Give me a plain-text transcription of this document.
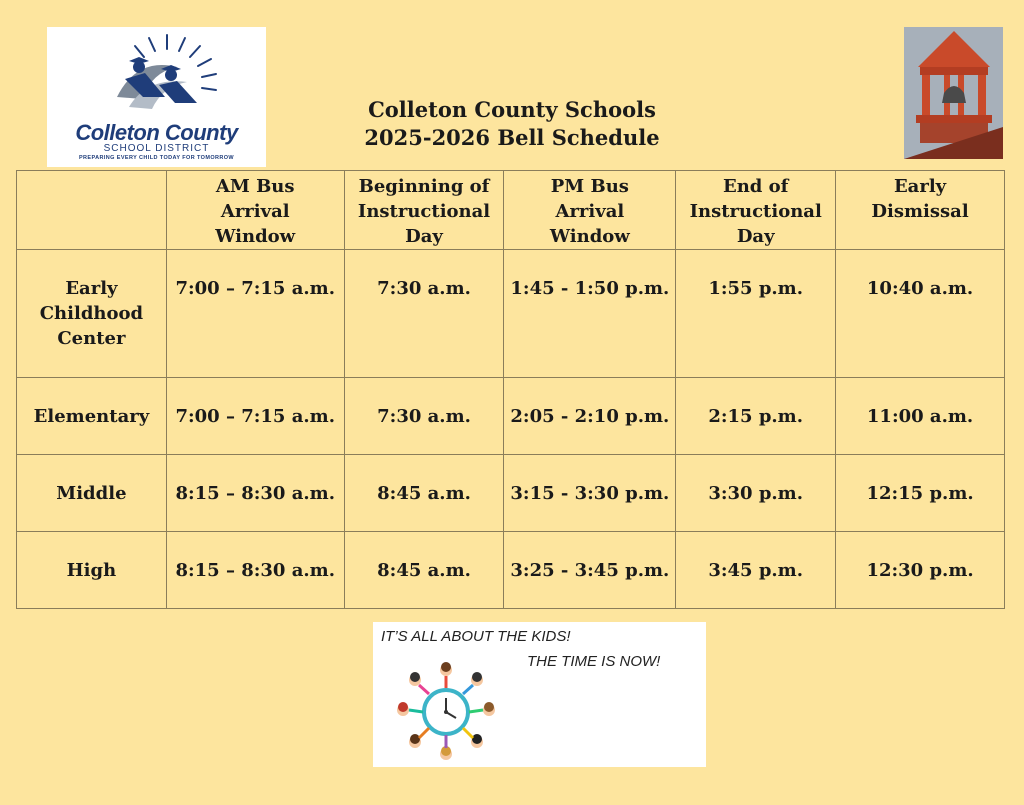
Colleton County
SCHOOL DISTRICT
PREPARING EVERY CHILD TODAY FOR TOMORROW
Colleton County Schools
2025-2026 Bell Schedule
	AM Bus Arrival Window	Beginning of Instructional Day	PM Bus Arrival Window	End of Instructional Day	Early Dismissal
Early Childhood Center	7:00 – 7:15 a.m.	7:30 a.m.	1:45 - 1:50 p.m.	1:55 p.m.	10:40 a.m.
Elementary	7:00 – 7:15 a.m.	7:30 a.m.	2:05 - 2:10 p.m.	2:15 p.m.	11:00 a.m.
Middle	8:15 – 8:30 a.m.	8:45 a.m.	3:15 - 3:30 p.m.	3:30 p.m.	12:15 p.m.
High	8:15 – 8:30 a.m.	8:45 a.m.	3:25 - 3:45 p.m.	3:45 p.m.	12:30 p.m.
IT’S ALL ABOUT THE KIDS!
THE TIME IS NOW!
